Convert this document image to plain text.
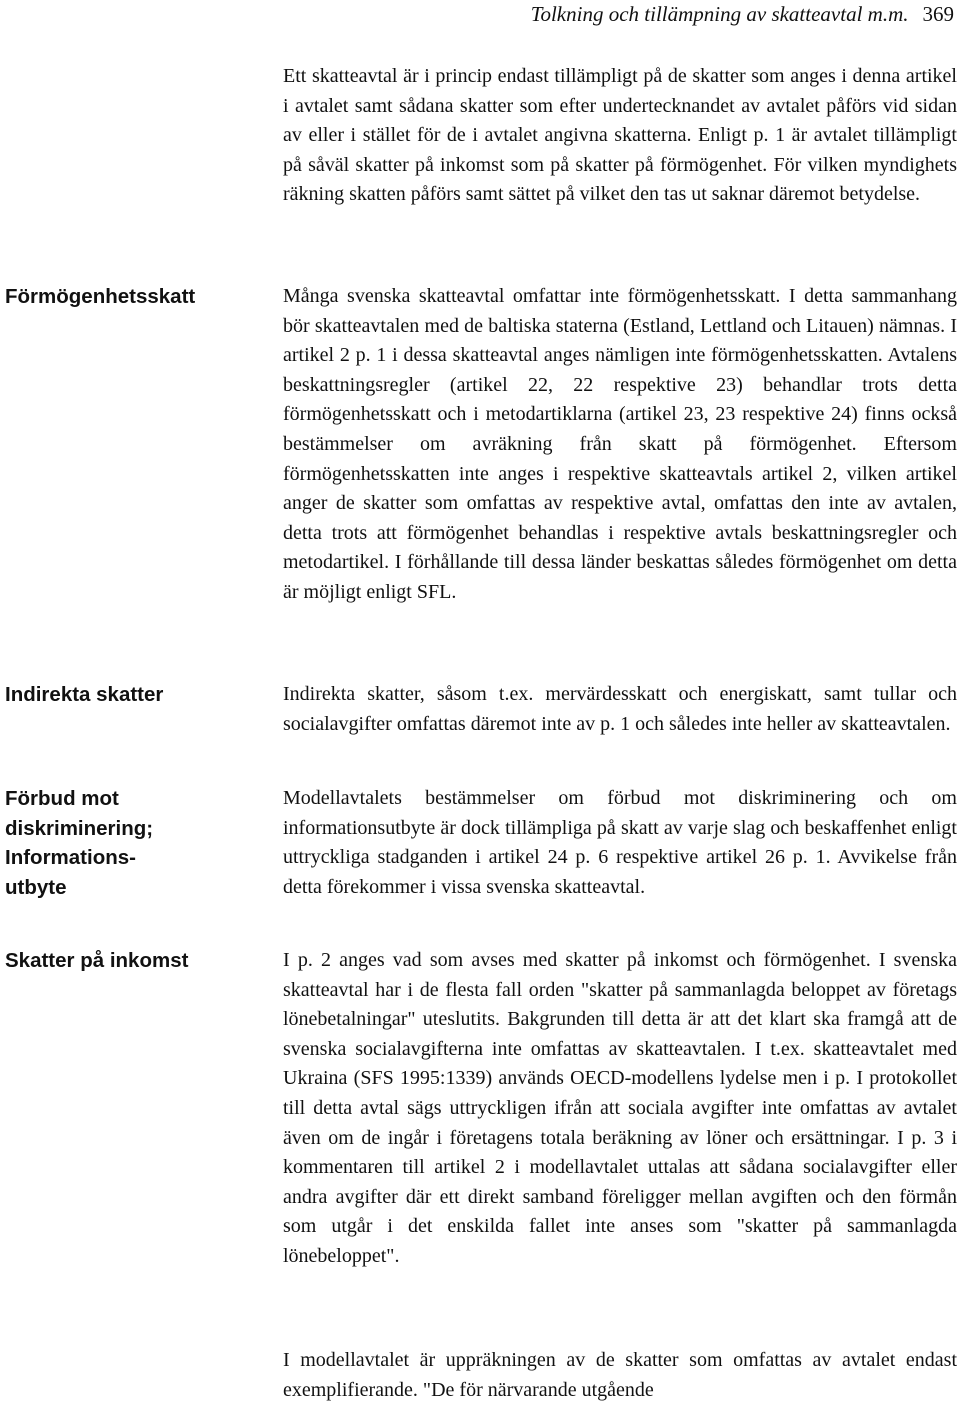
Tolkning och tillämpning av skatteavtal m.m. 369

Ett skatteavtal är i princip endast tillämpligt på de skatter som anges i denna artikel i avtalet samt sådana skatter som efter undertecknandet av avtalet påförs vid sidan av eller i stället för de i avtalet angivna skatterna. Enligt p. 1 är avtalet tillämpligt på såväl skatter på inkomst som på skatter på förmögenhet. För vilken myndighets räkning skatten påförs samt sättet på vilket den tas ut saknar däremot betydelse.

Förmögenhetsskatt	Många svenska skatteavtal omfattar inte förmögenhetsskatt. I detta sammanhang bör skatteavtalen med de baltiska staterna (Estland, Lettland och Litauen) nämnas. I artikel 2 p. 1 i dessa skatteavtal anges nämligen inte förmögenhetsskatten. Avtalens beskattningsregler (artikel 22, 22 respektive 23) behandlar trots detta förmögenhetsskatt och i metodartiklarna (artikel 23, 23 respektive 24) finns också bestämmelser om avräkning från skatt på förmögenhet. Eftersom förmögenhetsskatten inte anges i respektive skatteavtals artikel 2, vilken artikel anger de skatter som omfattas av respektive avtal, omfattas den inte av avtalen, detta trots att förmögenhet behandlas i respektive avtals beskattningsregler och metodartikel. I förhållande till dessa länder beskattas således förmögenhet om detta är möjligt enligt SFL.

Indirekta skatter	Indirekta skatter, såsom t.ex. mervärdesskatt och energiskatt, samt tullar och socialavgifter omfattas däremot inte av p. 1 och således inte heller av skatteavtalen.

Förbud mot
diskriminering;
Informations-
utbyte

Modellavtalets bestämmelser om förbud mot diskriminering och om informationsutbyte är dock tillämpliga på skatt av varje slag och beskaffenhet enligt uttryckliga stadganden i artikel 24 p. 6 respektive artikel 26 p. 1. Avvikelse från detta förekommer i vissa svenska skatteavtal.

Skatter på inkomst	I p. 2 anges vad som avses med skatter på inkomst och förmögenhet. I svenska skatteavtal har i de flesta fall orden "skatter på sammanlagda beloppet av företags lönebetalningar" uteslutits. Bakgrunden till detta är att det klart ska framgå att de svenska socialavgifterna inte omfattas av skatteavtalen. I t.ex. skatteavtalet med Ukraina (SFS 1995:1339) används OECD-modellens lydelse men i p. I protokollet till detta avtal sägs uttryckligen ifrån att sociala avgifter inte omfattas av avtalet även om de ingår i företagens totala beräkning av löner och ersättningar. I p. 3 i kommentaren till artikel 2 i modellavtalet uttalas att sådana socialavgifter eller andra avgifter där ett direkt samband föreligger mellan avgiften och den förmån som utgår i det enskilda fallet inte anses som "skatter på sammanlagda lönebeloppet".

I modellavtalet är uppräkningen av de skatter som omfattas av avtalet endast exemplifierande. "De för närvarande utgående
